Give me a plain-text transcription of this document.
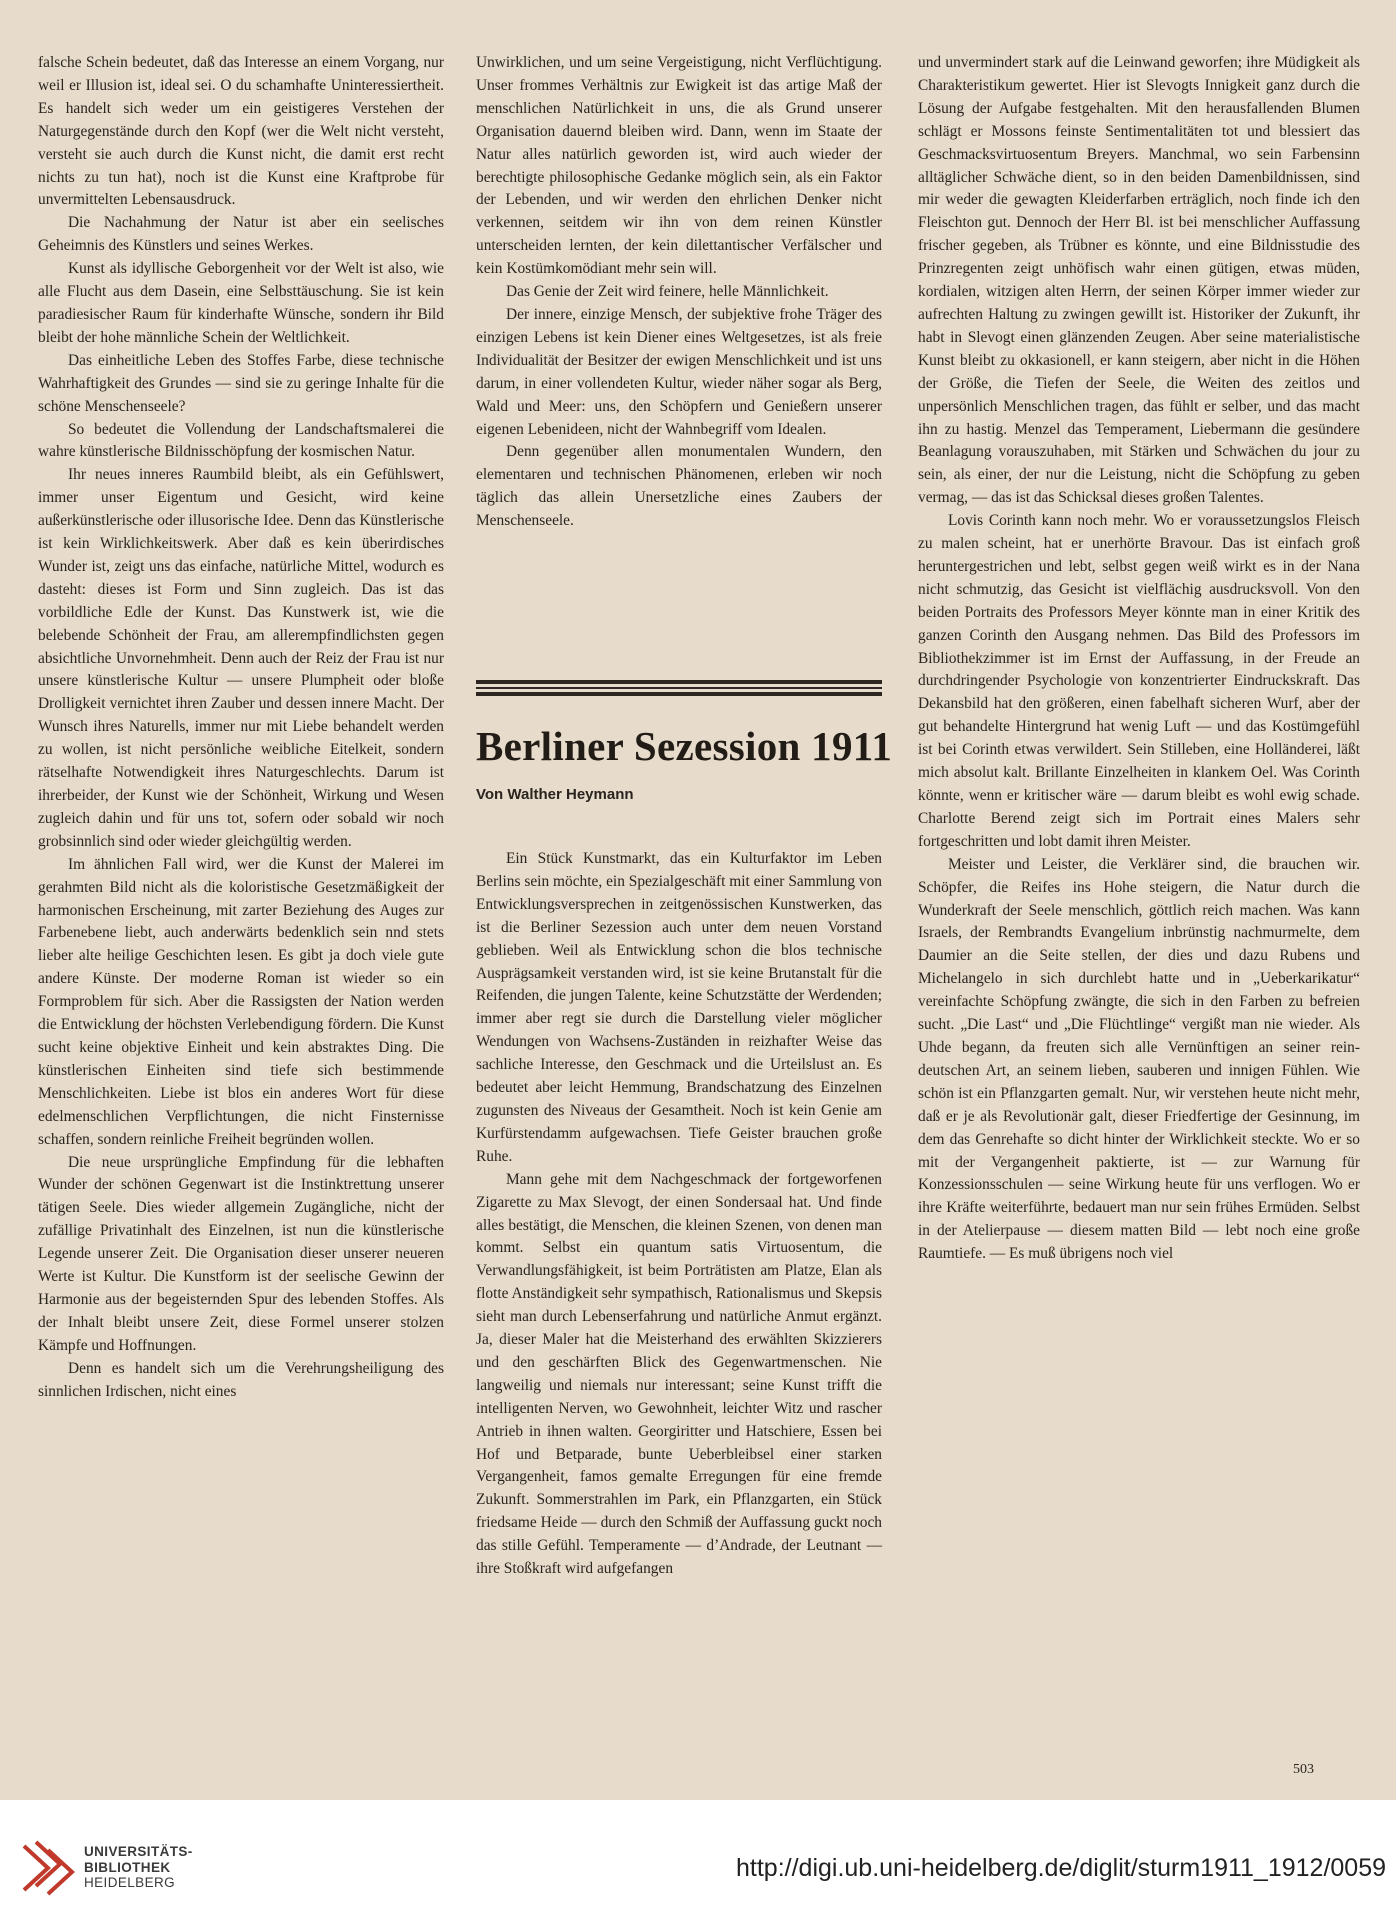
falsche Schein bedeutet, daß das Interesse an einem Vorgang, nur weil er Illusion ist, ideal sei. O du schamhafte Uninteressiertheit. Es handelt sich weder um ein geistigeres Verstehen der Naturgegenstände durch den Kopf (wer die Welt nicht versteht, versteht sie auch durch die Kunst nicht, die damit erst recht nichts zu tun hat), noch ist die Kunst eine Kraftprobe für unvermittelten Lebensausdruck.

Die Nachahmung der Natur ist aber ein seelisches Geheimnis des Künstlers und seines Werkes.

Kunst als idyllische Geborgenheit vor der Welt ist also, wie alle Flucht aus dem Dasein, eine Selbsttäuschung. Sie ist kein paradiesischer Raum für kinderhafte Wünsche, sondern ihr Bild bleibt der hohe männliche Schein der Weltlichkeit.

Das einheitliche Leben des Stoffes Farbe, diese technische Wahrhaftigkeit des Grundes — sind sie zu geringe Inhalte für die schöne Menschenseele?

So bedeutet die Vollendung der Landschaftsmalerei die wahre künstlerische Bildnisschöpfung der kosmischen Natur.

Ihr neues inneres Raumbild bleibt, als ein Gefühlswert, immer unser Eigentum und Gesicht, wird keine außerkünstlerische oder illusorische Idee. Denn das Künstlerische ist kein Wirklichkeitswerk. Aber daß es kein überirdisches Wunder ist, zeigt uns das einfache, natürliche Mittel, wodurch es dasteht: dieses ist Form und Sinn zugleich. Das ist das vorbildliche Edle der Kunst. Das Kunstwerk ist, wie die belebende Schönheit der Frau, am allerempfindlichsten gegen absichtliche Unvornehmheit. Denn auch der Reiz der Frau ist nur unsere künstlerische Kultur — unsere Plumpheit oder bloße Drolligkeit vernichtet ihren Zauber und dessen innere Macht. Der Wunsch ihres Naturells, immer nur mit Liebe behandelt werden zu wollen, ist nicht persönliche weibliche Eitelkeit, sondern rätselhafte Notwendigkeit ihres Naturgeschlechts. Darum ist ihrerbeider, der Kunst wie der Schönheit, Wirkung und Wesen zugleich dahin und für uns tot, sofern oder sobald wir noch grobsinnlich sind oder wieder gleichgültig werden.

Im ähnlichen Fall wird, wer die Kunst der Malerei im gerahmten Bild nicht als die koloristische Gesetzmäßigkeit der harmonischen Erscheinung, mit zarter Beziehung des Auges zur Farbenebene liebt, auch anderwärts bedenklich sein nnd stets lieber alte heilige Geschichten lesen. Es gibt ja doch viele gute andere Künste. Der moderne Roman ist wieder so ein Formproblem für sich. Aber die Rassigsten der Nation werden die Entwicklung der höchsten Verlebendigung fördern. Die Kunst sucht keine objektive Einheit und kein abstraktes Ding. Die künstlerischen Einheiten sind tiefe sich bestimmende Menschlichkeiten. Liebe ist blos ein anderes Wort für diese edelmenschlichen Verpflichtungen, die nicht Finsternisse schaffen, sondern reinliche Freiheit begründen wollen.

Die neue ursprüngliche Empfindung für die lebhaften Wunder der schönen Gegenwart ist die Instinktrettung unserer tätigen Seele. Dies wieder allgemein Zugängliche, nicht der zufällige Privatinhalt des Einzelnen, ist nun die künstlerische Legende unserer Zeit. Die Organisation dieser unserer neueren Werte ist Kultur. Die Kunstform ist der seelische Gewinn der Harmonie aus der begeisternden Spur des lebenden Stoffes. Als der Inhalt bleibt unsere Zeit, diese Formel unserer stolzen Kämpfe und Hoffnungen.

Denn es handelt sich um die Verehrungsheiligung des sinnlichen Irdischen, nicht eines

Unwirklichen, und um seine Vergeistigung, nicht Verflüchtigung. Unser frommes Verhältnis zur Ewigkeit ist das artige Maß der menschlichen Natürlichkeit in uns, die als Grund unserer Organisation dauernd bleiben wird. Dann, wenn im Staate der Natur alles natürlich geworden ist, wird auch wieder der berechtigte philosophische Gedanke möglich sein, als ein Faktor der Lebenden, und wir werden den ehrlichen Denker nicht verkennen, seitdem wir ihn von dem reinen Künstler unterscheiden lernten, der kein dilettantischer Verfälscher und kein Kostümkomödiant mehr sein will.

Das Genie der Zeit wird feinere, helle Männlichkeit.

Der innere, einzige Mensch, der subjektive frohe Träger des einzigen Lebens ist kein Diener eines Weltgesetzes, ist als freie Individualität der Besitzer der ewigen Menschlichkeit und ist uns darum, in einer vollendeten Kultur, wieder näher sogar als Berg, Wald und Meer: uns, den Schöpfern und Genießern unserer eigenen Lebenideen, nicht der Wahnbegriff vom Idealen.

Denn gegenüber allen monumentalen Wundern, den elementaren und technischen Phänomenen, erleben wir noch täglich das allein Unersetzliche eines Zaubers der Menschenseele.

Berliner Sezession 1911
Von Walther Heymann

Ein Stück Kunstmarkt, das ein Kulturfaktor im Leben Berlins sein möchte, ein Spezialgeschäft mit einer Sammlung von Entwicklungsversprechen in zeitgenössischen Kunstwerken, das ist die Berliner Sezession auch unter dem neuen Vorstand geblieben. Weil als Entwicklung schon die blos technische Ausprägsamkeit verstanden wird, ist sie keine Brutanstalt für die Reifenden, die jungen Talente, keine Schutzstätte der Werdenden; immer aber regt sie durch die Darstellung vieler möglicher Wendungen von Wachsens-Zuständen in reizhafter Weise das sachliche Interesse, den Geschmack und die Urteilslust an. Es bedeutet aber leicht Hemmung, Brandschatzung des Einzelnen zugunsten des Niveaus der Gesamtheit. Noch ist kein Genie am Kurfürstendamm aufgewachsen. Tiefe Geister brauchen große Ruhe.

Mann gehe mit dem Nachgeschmack der fortgeworfenen Zigarette zu Max Slevogt, der einen Sondersaal hat. Und finde alles bestätigt, die Menschen, die kleinen Szenen, von denen man kommt. Selbst ein quantum satis Virtuosentum, die Verwandlungsfähigkeit, ist beim Porträtisten am Platze, Elan als flotte Anständigkeit sehr sympathisch, Rationalismus und Skepsis sieht man durch Lebenserfahrung und natürliche Anmut ergänzt. Ja, dieser Maler hat die Meisterhand des erwählten Skizzierers und den geschärften Blick des Gegenwartmenschen. Nie langweilig und niemals nur interessant; seine Kunst trifft die intelligenten Nerven, wo Gewohnheit, leichter Witz und rascher Antrieb in ihnen walten. Georgiritter und Hatschiere, Essen bei Hof und Betparade, bunte Ueberbleibsel einer starken Vergangenheit, famos gemalte Erregungen für eine fremde Zukunft. Sommerstrahlen im Park, ein Pflanzgarten, ein Stück friedsame Heide — durch den Schmiß der Auffassung guckt noch das stille Gefühl. Temperamente — d’Andrade, der Leutnant — ihre Stoßkraft wird aufgefangen

und unvermindert stark auf die Leinwand geworfen; ihre Müdigkeit als Charakteristikum gewertet. Hier ist Slevogts Innigkeit ganz durch die Lösung der Aufgabe festgehalten. Mit den herausfallenden Blumen schlägt er Mossons feinste Sentimentalitäten tot und blessiert das Geschmacksvirtuosentum Breyers. Manchmal, wo sein Farbensinn alltäglicher Schwäche dient, so in den beiden Damenbildnissen, sind mir weder die gewagten Kleiderfarben erträglich, noch finde ich den Fleischton gut. Dennoch der Herr Bl. ist bei menschlicher Auffassung frischer gegeben, als Trübner es könnte, und eine Bildnisstudie des Prinzregenten zeigt unhöfisch wahr einen gütigen, etwas müden, kordialen, witzigen alten Herrn, der seinen Körper immer wieder zur aufrechten Haltung zu zwingen gewillt ist. Historiker der Zukunft, ihr habt in Slevogt einen glänzenden Zeugen. Aber seine materialistische Kunst bleibt zu okkasionell, er kann steigern, aber nicht in die Höhen der Größe, die Tiefen der Seele, die Weiten des zeitlos und unpersönlich Menschlichen tragen, das fühlt er selber, und das macht ihn zu hastig. Menzel das Temperament, Liebermann die gesündere Beanlagung vorauszuhaben, mit Stärken und Schwächen du jour zu sein, als einer, der nur die Leistung, nicht die Schöpfung zu geben vermag, — das ist das Schicksal dieses großen Talentes.

Lovis Corinth kann noch mehr. Wo er voraussetzungslos Fleisch zu malen scheint, hat er unerhörte Bravour. Das ist einfach groß heruntergestrichen und lebt, selbst gegen weiß wirkt es in der Nana nicht schmutzig, das Gesicht ist vielflächig ausdrucksvoll. Von den beiden Portraits des Professors Meyer könnte man in einer Kritik des ganzen Corinth den Ausgang nehmen. Das Bild des Professors im Bibliothekzimmer ist im Ernst der Auffassung, in der Freude an durchdringender Psychologie von konzentrierter Eindruckskraft. Das Dekansbild hat den größeren, einen fabelhaft sicheren Wurf, aber der gut behandelte Hintergrund hat wenig Luft — und das Kostümgefühl ist bei Corinth etwas verwildert. Sein Stilleben, eine Holländerei, läßt mich absolut kalt. Brillante Einzelheiten in klankem Oel. Was Corinth könnte, wenn er kritischer wäre — darum bleibt es wohl ewig schade. Charlotte Berend zeigt sich im Portrait eines Malers sehr fortgeschritten und lobt damit ihren Meister.

Meister und Leister, die Verklärer sind, die brauchen wir. Schöpfer, die Reifes ins Hohe steigern, die Natur durch die Wunderkraft der Seele menschlich, göttlich reich machen. Was kann Israels, der Rembrandts Evangelium inbrünstig nachmurmelte, dem Daumier an die Seite stellen, der dies und dazu Rubens und Michelangelo in sich durchlebt hatte und in „Ueberkarikatur“ vereinfachte Schöpfung zwängte, die sich in den Farben zu befreien sucht. „Die Last“ und „Die Flüchtlinge“ vergißt man nie wieder. Als Uhde begann, da freuten sich alle Vernünftigen an seiner rein-deutschen Art, an seinem lieben, sauberen und innigen Fühlen. Wie schön ist ein Pflanzgarten gemalt. Nur, wir verstehen heute nicht mehr, daß er je als Revolutionär galt, dieser Friedfertige der Gesinnung, im dem das Genrehafte so dicht hinter der Wirklichkeit steckte. Wo er so mit der Vergangenheit paktierte, ist — zur Warnung für Konzessionsschulen — seine Wirkung heute für uns verflogen. Wo er ihre Kräfte weiterführte, bedauert man nur sein frühes Ermüden. Selbst in der Atelierpause — diesem matten Bild — lebt noch eine große Raumtiefe. — Es muß übrigens noch viel

503
UNIVERSITÄTS-
BIBLIOTHEK
HEIDELBERG
http://digi.ub.uni-heidelberg.de/diglit/sturm1911_1912/0059
